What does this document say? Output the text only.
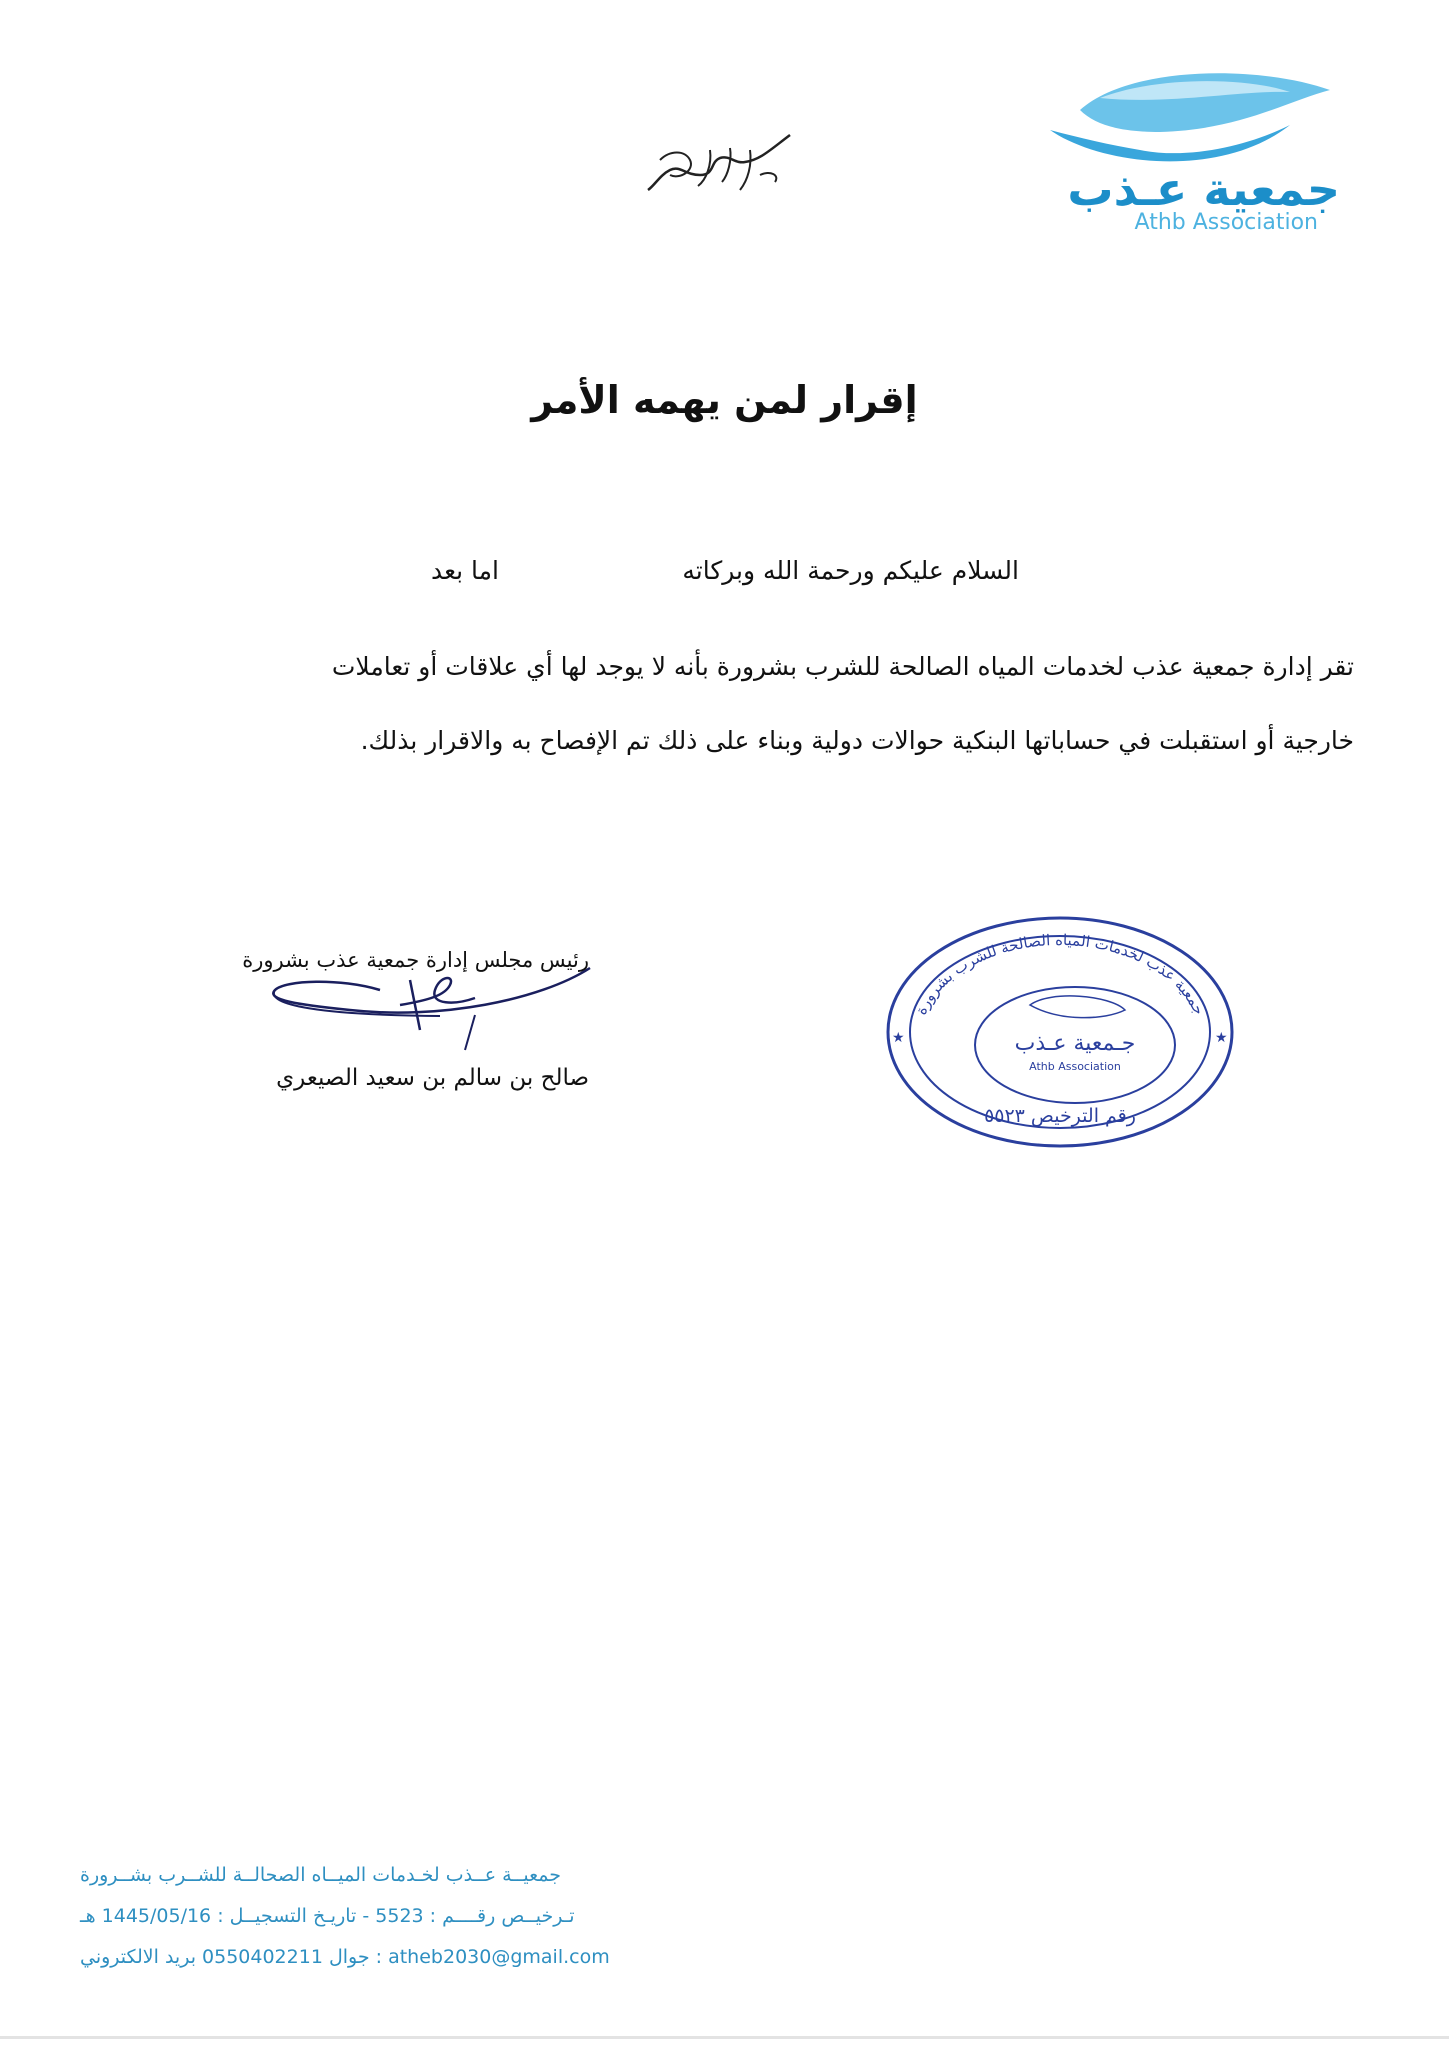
جمعية عـذب
Athb Association
إقرار لمن يهمه الأمر
السلام عليكم ورحمة الله وبركاته
اما بعد
تقر إدارة جمعية عذب لخدمات المياه الصالحة للشرب بشرورة بأنه لا يوجد لها أي علاقات أو تعاملات
خارجية أو استقبلت في حساباتها البنكية حوالات دولية وبناء على ذلك تم الإفصاح به والاقرار بذلك.
رئيس مجلس إدارة جمعية عذب بشرورة
صالح بن سالم بن سعيد الصيعري
جمعية عذب لخدمات المياه الصالحة للشرب بشرورة
★	★
جـمعية عـذب
Athb Association
رقم الترخيص ٥٥٢٣
جمعيــة عــذب لخـدمات الميــاه الصحالــة للشــرب بشــرورة
تـرخيــص رقــــم : 5523 - تاريـخ التسجيــل : 1445/05/16 هـ
جوال 0550402211 بريد الالكتروني : atheb2030@gmail.com
